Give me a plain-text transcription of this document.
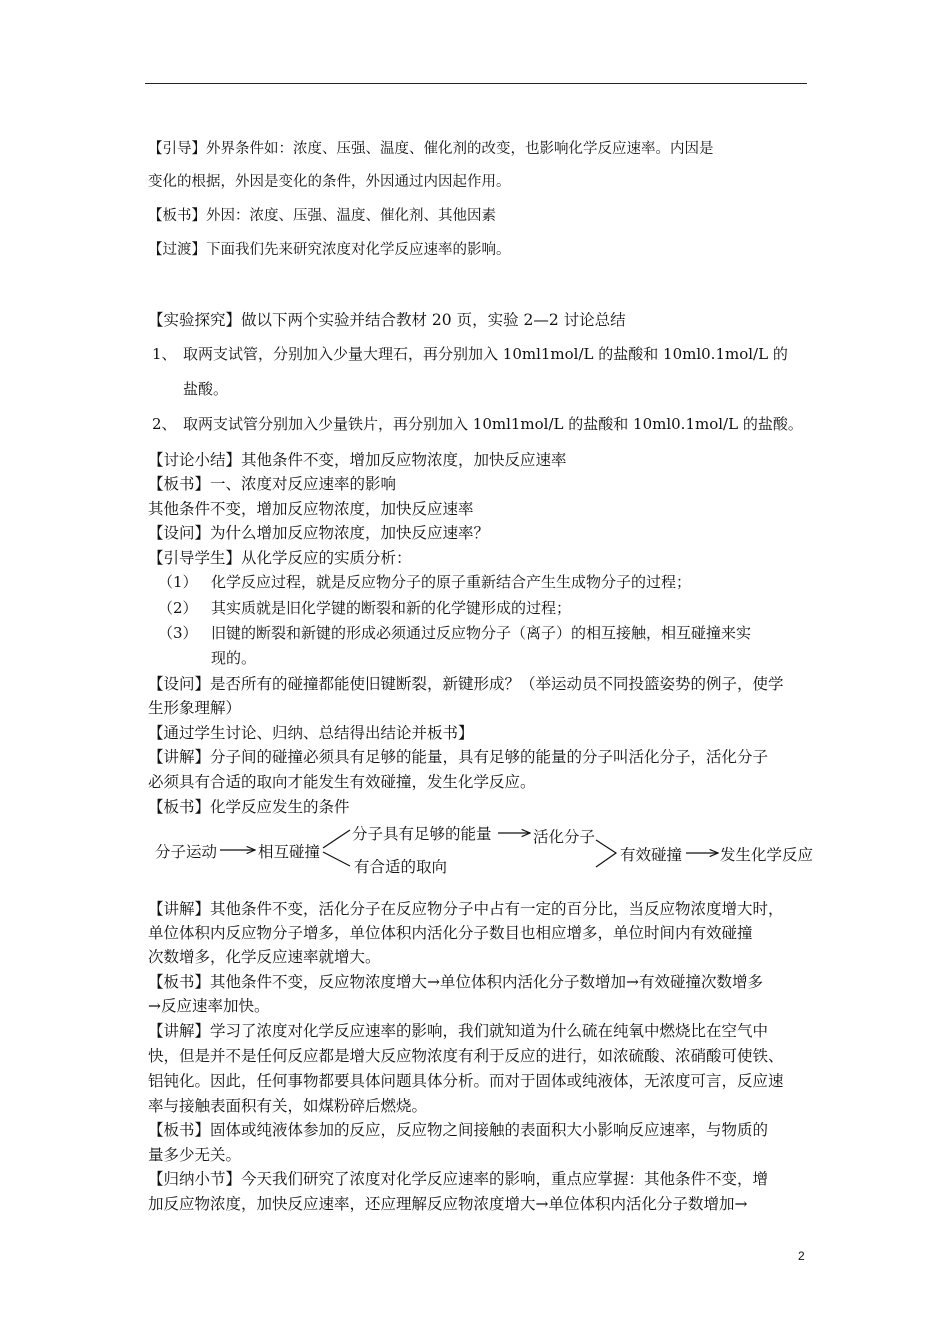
【引导】外界条件如：浓度、压强、温度、催化剂的改变，也影响化学反应速率。内因是
变化的根据，外因是变化的条件，外因通过内因起作用。
【板书】外因：浓度、压强、温度、催化剂、其他因素
【过渡】下面我们先来研究浓度对化学反应速率的影响。
【实验探究】做以下两个实验并结合教材 20 页，实验 2—2 讨论总结
1、 取两支试管，分别加入少量大理石，再分别加入 10ml1mol/L 的盐酸和 10ml0.1mol/L 的
盐酸。
2、 取两支试管分别加入少量铁片，再分别加入 10ml1mol/L 的盐酸和 10ml0.1mol/L 的盐酸。
【讨论小结】其他条件不变，增加反应物浓度，加快反应速率
【板书】一、浓度对反应速率的影响
其他条件不变，增加反应物浓度，加快反应速率
【设问】为什么增加反应物浓度，加快反应速率？
【引导学生】从化学反应的实质分析：
（1） 化学反应过程，就是反应物分子的原子重新结合产生生成物分子的过程；
（2） 其实质就是旧化学键的断裂和新的化学键形成的过程；
（3） 旧键的断裂和新键的形成必须通过反应物分子（离子）的相互接触，相互碰撞来实
现的。
【设问】是否所有的碰撞都能使旧键断裂，新键形成？（举运动员不同投篮姿势的例子，使学
生形象理解）
【通过学生讨论、归纳、总结得出结论并板书】
【讲解】分子间的碰撞必须具有足够的能量，具有足够的能量的分子叫活化分子，活化分子
必须具有合适的取向才能发生有效碰撞，发生化学反应。
【板书】化学反应发生的条件
分子运动	相互碰撞
分子具有足够的能量	活化分子
有合适的取向
有效碰撞 发生化学反应
【讲解】其他条件不变，活化分子在反应物分子中占有一定的百分比，当反应物浓度增大时，
单位体积内反应物分子增多，单位体积内活化分子数目也相应增多，单位时间内有效碰撞
次数增多，化学反应速率就增大。
【板书】其他条件不变，反应物浓度增大→单位体积内活化分子数增加→有效碰撞次数增多
→反应速率加快。
【讲解】学习了浓度对化学反应速率的影响，我们就知道为什么硫在纯氧中燃烧比在空气中
快，但是并不是任何反应都是增大反应物浓度有利于反应的进行，如浓硫酸、浓硝酸可使铁、
铝钝化。因此，任何事物都要具体问题具体分析。而对于固体或纯液体，无浓度可言，反应速
率与接触表面积有关，如煤粉碎后燃烧。
【板书】固体或纯液体参加的反应，反应物之间接触的表面积大小影响反应速率，与物质的
量多少无关。
【归纳小节】今天我们研究了浓度对化学反应速率的影响，重点应掌握：其他条件不变，增
加反应物浓度，加快反应速率，还应理解反应物浓度增大→单位体积内活化分子数增加→
2
